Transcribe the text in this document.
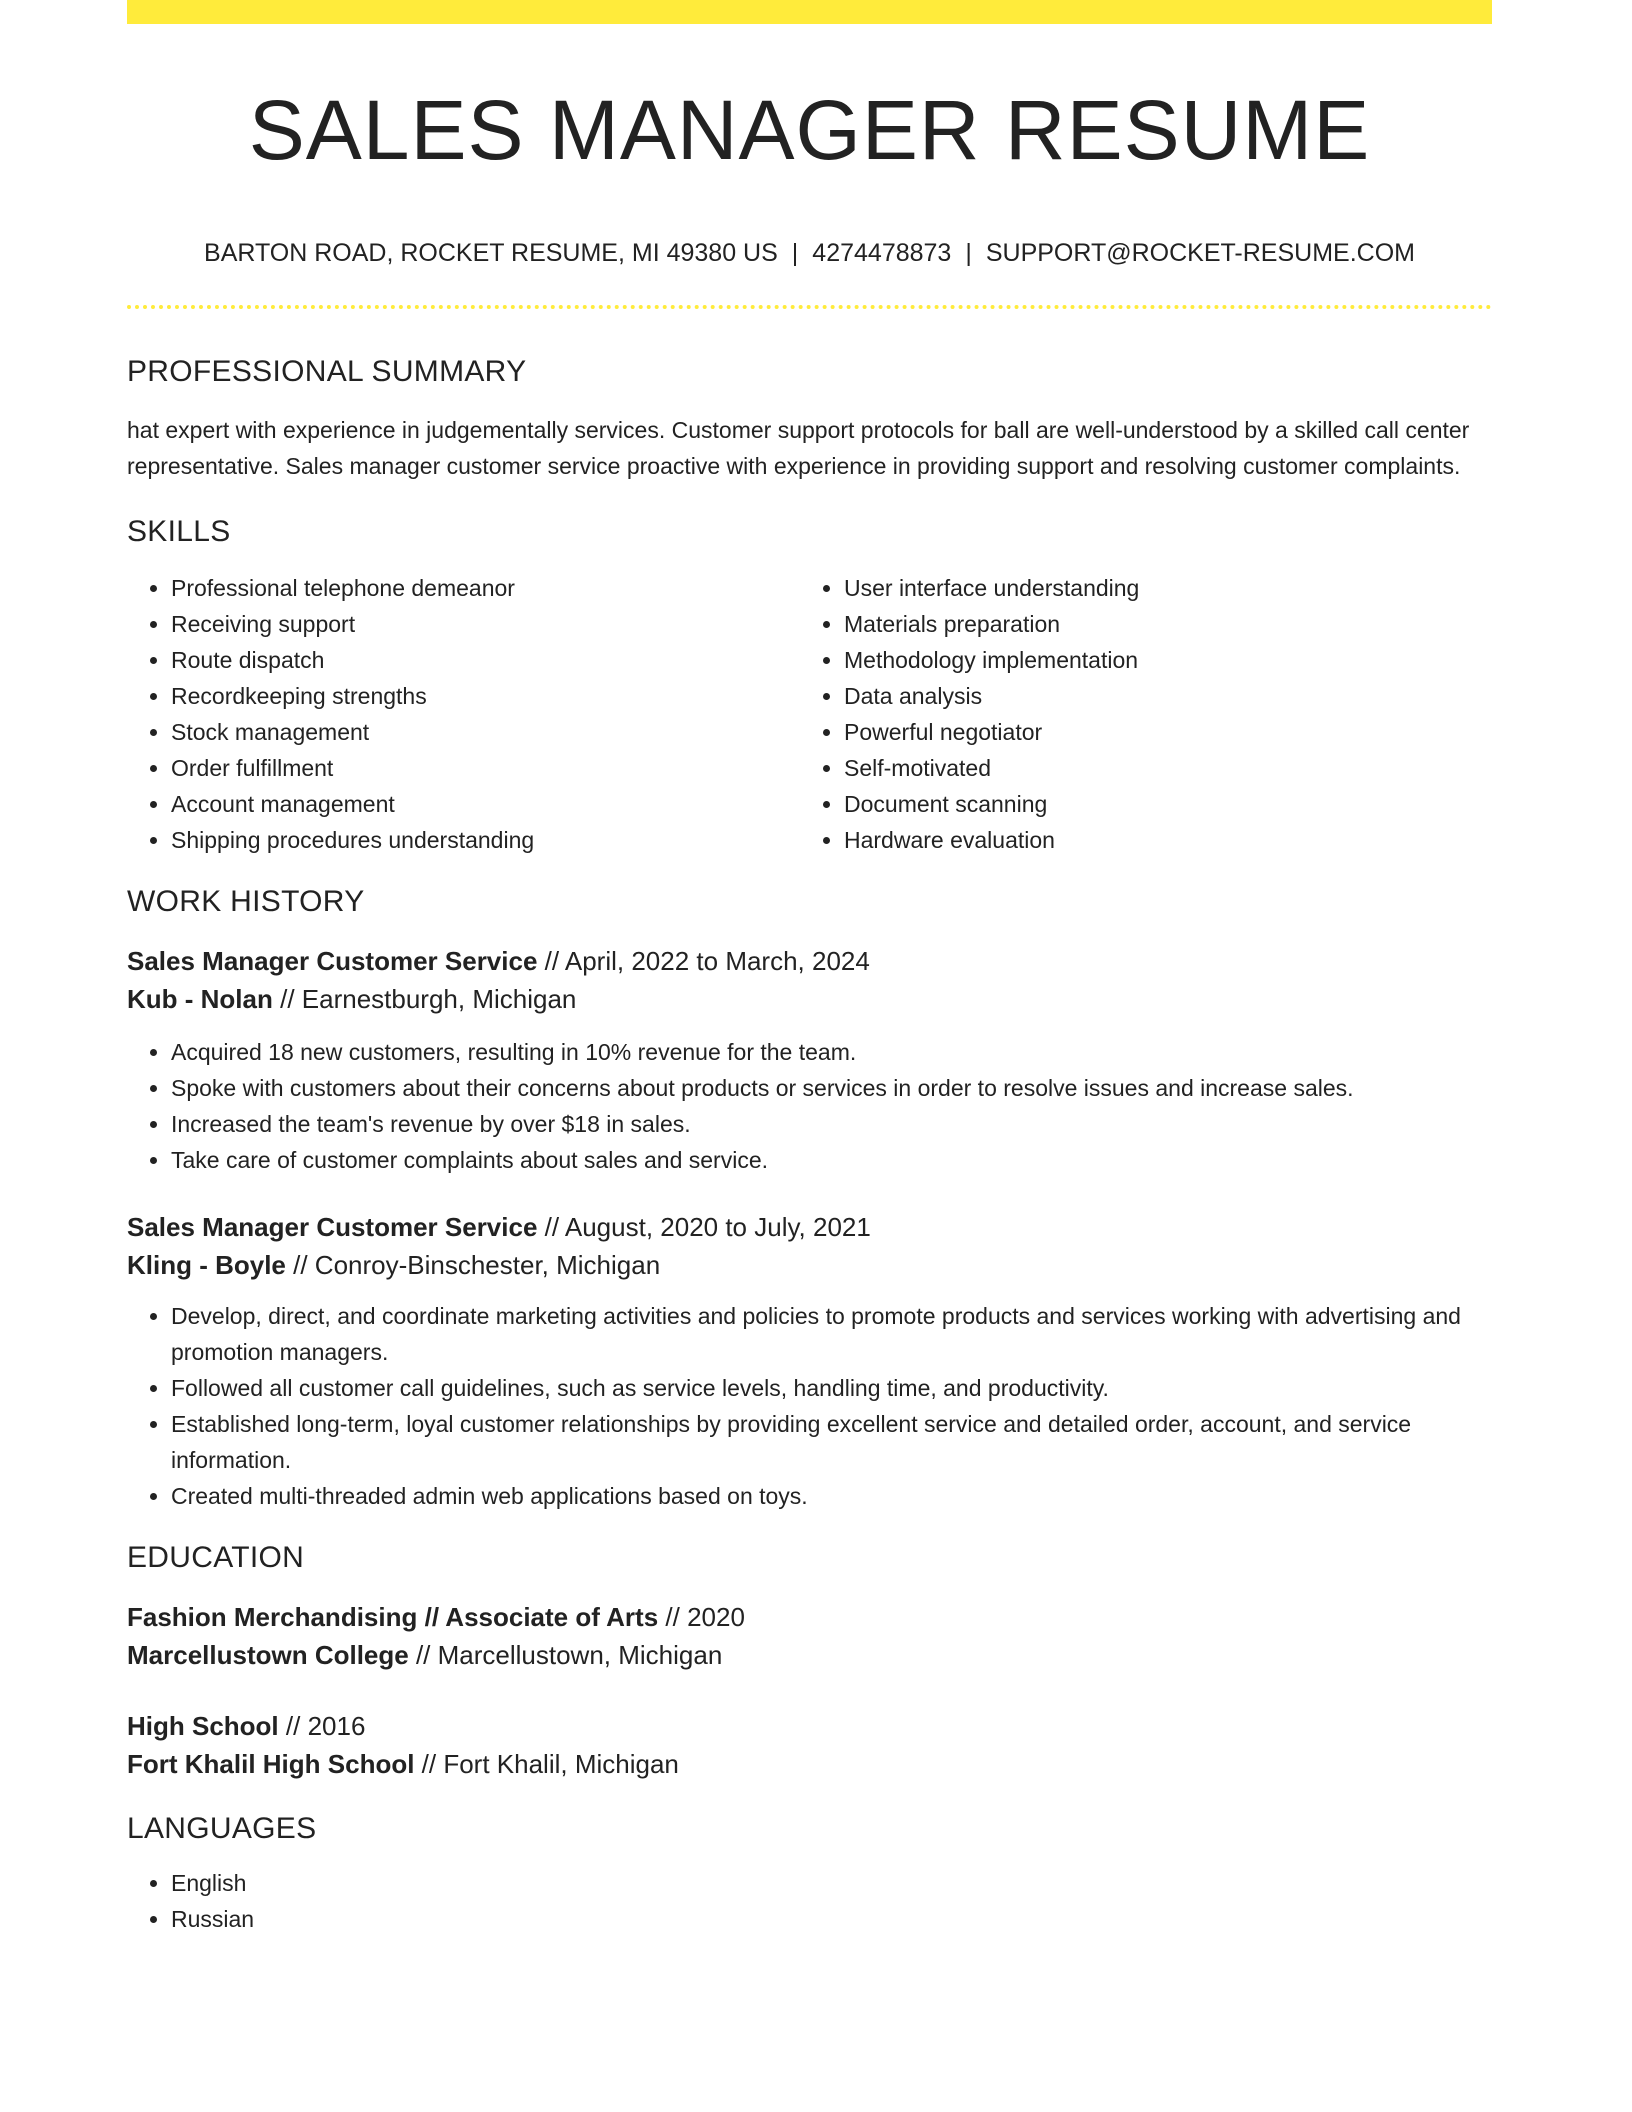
SALES MANAGER RESUME
BARTON ROAD, ROCKET RESUME, MI 49380 US | 4274478873 | SUPPORT@ROCKET-RESUME.COM
PROFESSIONAL SUMMARY

hat expert with experience in judgementally services. Customer support protocols for ball are well-understood by a skilled call center representative. Sales manager customer service proactive with experience in providing support and resolving customer complaints.

SKILLS
• Professional telephone demeanor
• Receiving support
• Route dispatch
• Recordkeeping strengths
• Stock management
• Order fulfillment
• Account management
• Shipping procedures understanding
• User interface understanding
• Materials preparation
• Methodology implementation
• Data analysis
• Powerful negotiator
• Self-motivated
• Document scanning
• Hardware evaluation
WORK HISTORY
Sales Manager Customer Service // April, 2022 to March, 2024
Kub - Nolan // Earnestburgh, Michigan
• Acquired 18 new customers, resulting in 10% revenue for the team.
• Spoke with customers about their concerns about products or services in order to resolve issues and increase sales.
• Increased the team's revenue by over $18 in sales.
• Take care of customer complaints about sales and service.
Sales Manager Customer Service // August, 2020 to July, 2021
Kling - Boyle // Conroy-Binschester, Michigan
• Develop, direct, and coordinate marketing activities and policies to promote products and services working with advertising and promotion managers.
• Followed all customer call guidelines, such as service levels, handling time, and productivity.
• Established long-term, loyal customer relationships by providing excellent service and detailed order, account, and service information.
• Created multi-threaded admin web applications based on toys.
EDUCATION
Fashion Merchandising // Associate of Arts // 2020
Marcellustown College // Marcellustown, Michigan
High School // 2016
Fort Khalil High School // Fort Khalil, Michigan
LANGUAGES
• English
• Russian
